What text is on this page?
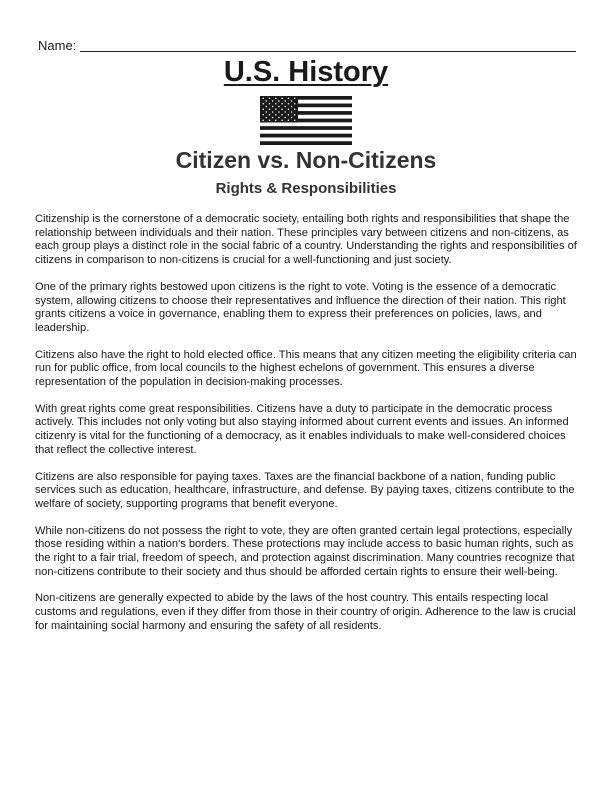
Name:
U.S. History
Citizen vs. Non-Citizens
Rights & Responsibilities

Citizenship is the cornerstone of a democratic society, entailing both rights and responsibilities that shape the relationship between individuals and their nation. These principles vary between citizens and non-citizens, as each group plays a distinct role in the social fabric of a country. Understanding the rights and responsibilities of citizens in comparison to non-citizens is crucial for a well-functioning and just society.

One of the primary rights bestowed upon citizens is the right to vote. Voting is the essence of a democratic system, allowing citizens to choose their representatives and influence the direction of their nation. This right grants citizens a voice in governance, enabling them to express their preferences on policies, laws, and leadership.

Citizens also have the right to hold elected office. This means that any citizen meeting the eligibility criteria can run for public office, from local councils to the highest echelons of government. This ensures a diverse representation of the population in decision-making processes.

With great rights come great responsibilities. Citizens have a duty to participate in the democratic process actively. This includes not only voting but also staying informed about current events and issues. An informed citizenry is vital for the functioning of a democracy, as it enables individuals to make well-considered choices that reflect the collective interest.

Citizens are also responsible for paying taxes. Taxes are the financial backbone of a nation, funding public services such as education, healthcare, infrastructure, and defense. By paying taxes, citizens contribute to the welfare of society, supporting programs that benefit everyone.

While non-citizens do not possess the right to vote, they are often granted certain legal protections, especially those residing within a nation's borders. These protections may include access to basic human rights, such as the right to a fair trial, freedom of speech, and protection against discrimination. Many countries recognize that non-citizens contribute to their society and thus should be afforded certain rights to ensure their well-being.

Non-citizens are generally expected to abide by the laws of the host country. This entails respecting local customs and regulations, even if they differ from those in their country of origin. Adherence to the law is crucial for maintaining social harmony and ensuring the safety of all residents.
